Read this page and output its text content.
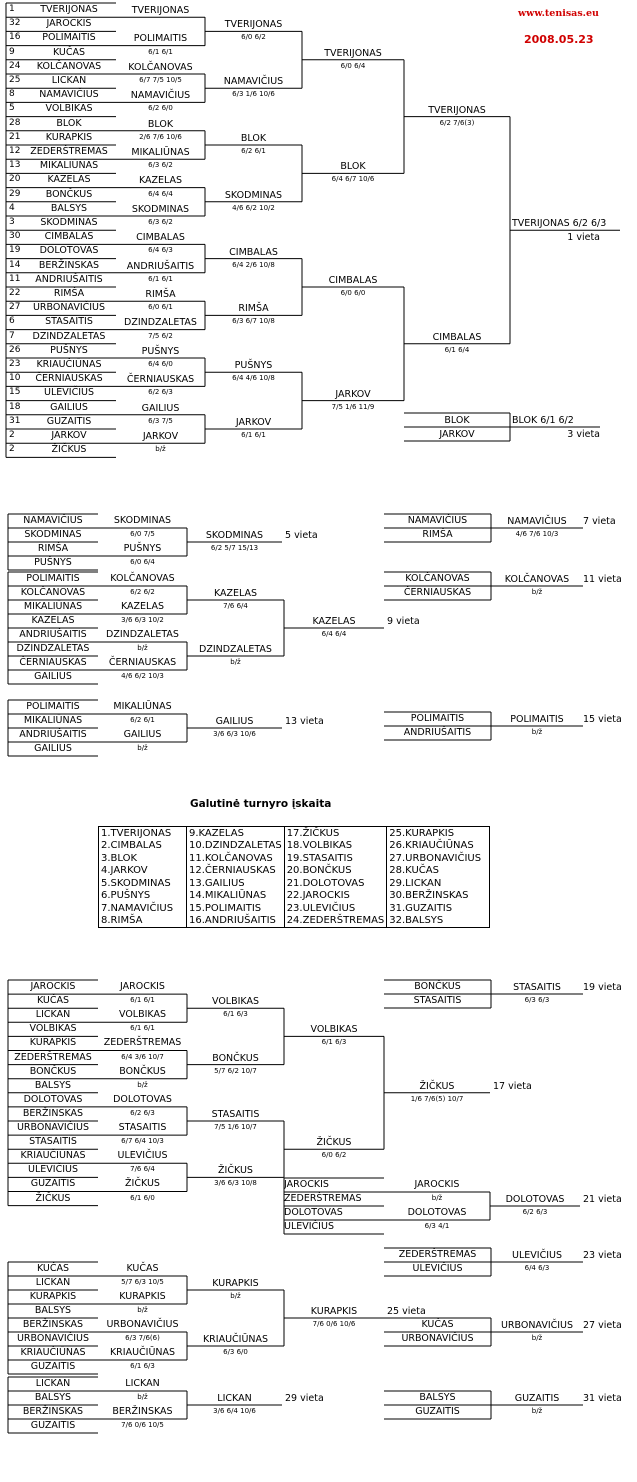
TVERIJONAS
1
JAROCKIS
32
POLIMAITIS
16
KUČAS
9
KOLČANOVAS
24
LICKAN
25
NAMAVIČIUS
8
VOLBIKAS
5
BLOK
28
KURAPKIS
21
ZEDERŠTREMAS
12
MIKALIŪNAS
13
KAZELAS
20
BONČKUS
29
BALSYS
4
SKODMINAS
3
CIMBALAS
30
DOLOTOVAS
19
BERŽINSKAS
14
ANDRIUŠAITIS
11
RIMŠA
22
URBONAVIČIUS
27
STASAITIS
6
DZINDZALETAS
7
PUŠNYS
26
KRIAUČIŪNAS
23
ČERNIAUSKAS
10
ULEVIČIUS
15
GAILIUS
18
GUZAITIS
31
JARKOV
2
ŽIČKUS
2
TVERIJONAS
POLIMAITIS
6/1 6/1
KOLČANOVAS
6/7 7/5 10/5
NAMAVIČIUS
6/2 6/0
BLOK
2/6 7/6 10/6
MIKALIŪNAS
6/3 6/2
KAZELAS
6/4 6/4
SKODMINAS
6/3 6/2
CIMBALAS
6/4 6/3
ANDRIUŠAITIS
6/1 6/1
RIMŠA
6/0 6/1
DZINDZALETAS
7/5 6/2
PUŠNYS
6/4 6/0
ČERNIAUSKAS
6/2 6/3
GAILIUS
6/3 7/5
JARKOV
b/ž
TVERIJONAS
6/0 6/2
NAMAVIČIUS
6/3 1/6 10/6
BLOK
6/2 6/1
SKODMINAS
4/6 6/2 10/2
CIMBALAS
6/4 2/6 10/8
RIMŠA
6/3 6/7 10/8
PUŠNYS
6/4 4/6 10/8
JARKOV
6/1 6/1
TVERIJONAS
6/0 6/4
BLOK
6/4 6/7 10/6
CIMBALAS
6/0 6/0
JARKOV
7/5 1/6 11/9
TVERIJONAS
6/2 7/6(3)
CIMBALAS
6/1 6/4
TVERIJONAS 6/2 6/3
1 vieta
BLOK
JARKOV
BLOK 6/1 6/2
3 vieta
NAMAVIČIUS
SKODMINAS
RIMŠA
PUŠNYS
SKODMINAS
6/0 7/5
PUŠNYS
6/0 6/4
SKODMINAS
6/2 5/7 15/13
5 vieta
NAMAVIČIUS
RIMŠA
NAMAVIČIUS
4/6 7/6 10/3
7 vieta
POLIMAITIS
KOLČANOVAS
MIKALIŪNAS
KAZELAS
ANDRIUŠAITIS
DZINDZALETAS
ČERNIAUSKAS
GAILIUS
KOLČANOVAS
6/2 6/2
KAZELAS
3/6 6/3 10/2
DZINDZALETAS
b/ž
ČERNIAUSKAS
4/6 6/2 10/3
KAZELAS
7/6 6/4
DZINDZALETAS
b/ž
KAZELAS
6/4 6/4
9 vieta
KOLČANOVAS
ČERNIAUSKAS
KOLČANOVAS
b/ž
11 vieta
POLIMAITIS
MIKALIŪNAS
ANDRIUŠAITIS
GAILIUS
MIKALIŪNAS
6/2 6/1
GAILIUS
b/ž
GAILIUS
3/6 6/3 10/6
13 vieta	POLIMAITIS
ANDRIUŠAITIS
POLIMAITIS
b/ž
15 vieta
JAROCKIS
KUČAS
LICKAN
VOLBIKAS
KURAPKIS
ZEDERŠTREMAS
BONČKUS
BALSYS
DOLOTOVAS
BERŽINSKAS
URBONAVIČIUS
STASAITIS
KRIAUČIŪNAS
ULEVIČIUS
GUZAITIS
ŽIČKUS
JAROCKIS
6/1 6/1
VOLBIKAS
6/1 6/1
ZEDERŠTREMAS
6/4 3/6 10/7
BONČKUS
b/ž
DOLOTOVAS
6/2 6/3
STASAITIS
6/7 6/4 10/3
ULEVIČIUS
7/6 6/4
ŽIČKUS
6/1 6/0
VOLBIKAS
6/1 6/3
BONČKUS
5/7 6/2 10/7
STASAITIS
7/5 1/6 10/7
ŽIČKUS
3/6 6/3 10/8
VOLBIKAS
6/1 6/3
ŽIČKUS
6/0 6/2
ŽIČKUS
1/6 7/6(5) 10/7
17 vieta
BONČKUS
STASAITIS
STASAITIS
6/3 6/3
19 vieta
JAROCKIS
ZEDERŠTREMAS
DOLOTOVAS
ULEVIČIUS
JAROCKIS
b/ž
DOLOTOVAS
6/3 4/1
DOLOTOVAS
6/2 6/3
21 vieta
ZEDERŠTREMAS
ULEVIČIUS
ULEVIČIUS
6/4 6/3
23 vieta
KUČAS
LICKAN
KURAPKIS
BALSYS
BERŽINSKAS
URBONAVIČIUS
KRIAUČIŪNAS
GUZAITIS
KUČAS
5/7 6/3 10/5
KURAPKIS
b/ž
URBONAVIČIUS
6/3 7/6(6)
KRIAUČIŪNAS
6/1 6/3
KURAPKIS
b/ž
KRIAUČIŪNAS
6/3 6/0
KURAPKIS
7/6 0/6 10/6
25 vieta
KUČAS
URBONAVIČIUS
URBONAVIČIUS
b/ž
27 vieta
LICKAN
BALSYS
BERŽINSKAS
GUZAITIS
LICKAN
b/ž
BERŽINSKAS
7/6 0/6 10/5
LICKAN
3/6 6/4 10/6
29 vieta	BALSYS
GUZAITIS
GUZAITIS
b/ž
31 vieta
www.tenisas.eu
2008.05.23
Galutinė turnyro įskaita
1.TVERIJONAS	9.KAZELAS	17.ŽIČKUS	25.KURAPKIS
2.CIMBALAS	10.DZINDZALETAS	18.VOLBIKAS	26.KRIAUČIŪNAS
3.BLOK	11.KOLČANOVAS	19.STASAITIS	27.URBONAVIČIUS
4.JARKOV	12.ČERNIAUSKAS	20.BONČKUS	28.KUČAS
5.SKODMINAS	13.GAILIUS	21.DOLOTOVAS	29.LICKAN
6.PUŠNYS	14.MIKALIŪNAS	22.JAROCKIS	30.BERŽINSKAS
7.NAMAVIČIUS	15.POLIMAITIS	23.ULEVIČIUS	31.GUZAITIS
8.RIMŠA	16.ANDRIUŠAITIS	24.ZEDERŠTREMAS	32.BALSYS
